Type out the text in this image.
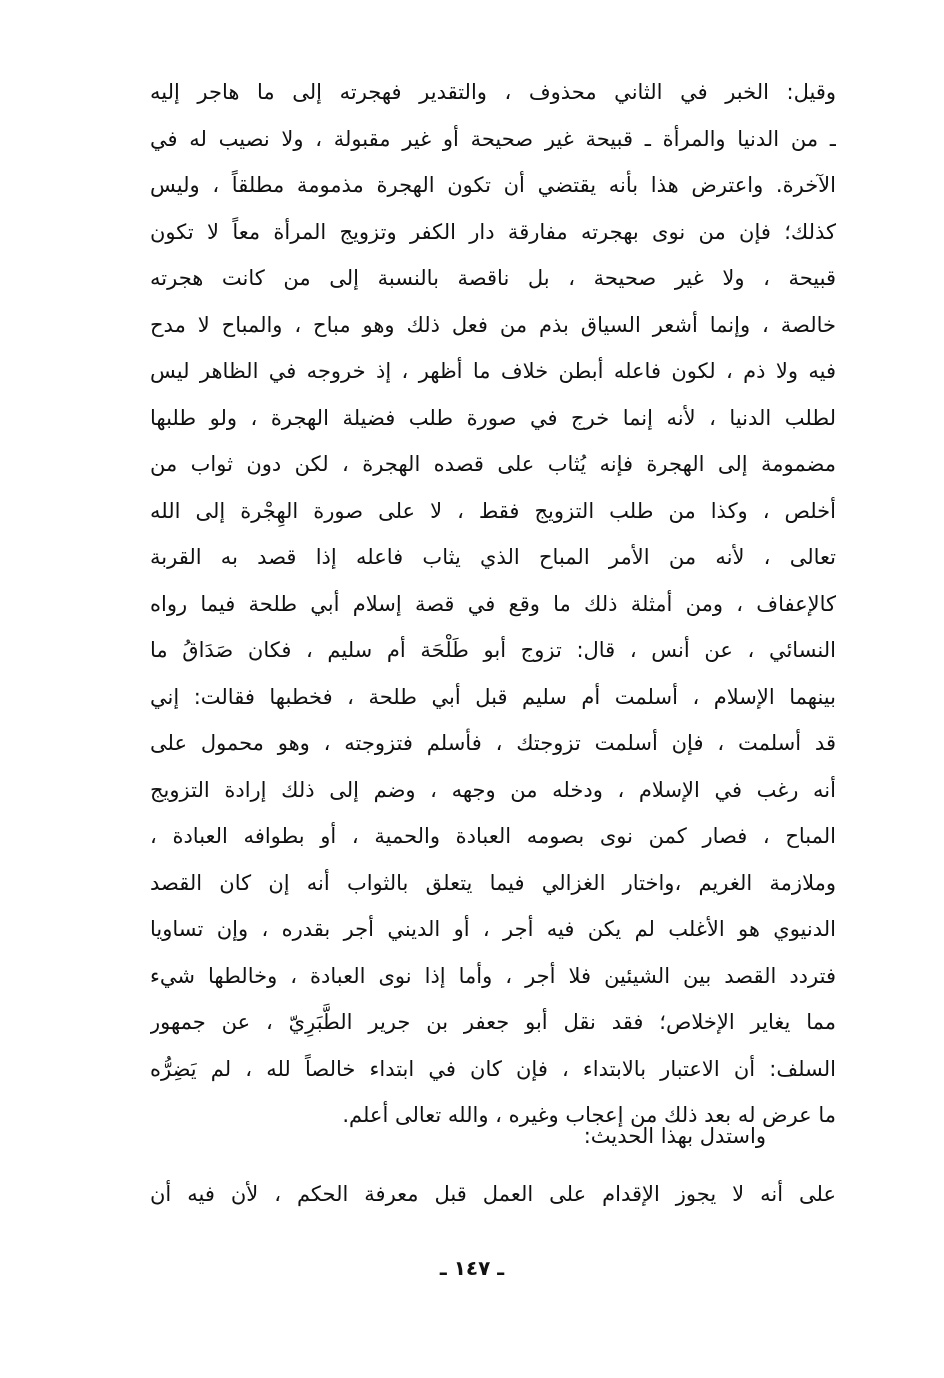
وقيل: الخبر في الثاني محذوف ، والتقدير فهجرته إلى ما هاجر إليه
ـ من الدنيا والمرأة ـ قبيحة غير صحيحة أو غير مقبولة ، ولا نصيب له في
الآخرة. واعترض هذا بأنه يقتضي أن تكون الهجرة مذمومة مطلقاً ، وليس
كذلك؛ فإن من نوى بهجرته مفارقة دار الكفر وتزويج المرأة معاً لا تكون
قبيحة ، ولا غير صحيحة ، بل ناقصة بالنسبة إلى من كانت هجرته
خالصة ، وإنما أشعر السياق بذم من فعل ذلك وهو مباح ، والمباح لا مدح
فيه ولا ذم ، لكون فاعله أبطن خلاف ما أظهر ، إذ خروجه في الظاهر ليس
لطلب الدنيا ، لأنه إنما خرج في صورة طلب فضيلة الهجرة ، ولو طلبها
مضمومة إلى الهجرة فإنه يُثاب على قصده الهجرة ، لكن دون ثواب من
أخلص ، وكذا من طلب التزويج فقط ، لا على صورة الهِجْرة إلى الله
تعالى ، لأنه من الأمر المباح الذي يثاب فاعله إذا قصد به القربة
كالإعفاف ، ومن أمثلة ذلك ما وقع في قصة إسلام أبي طلحة فيما رواه
النسائي ، عن أنس ، قال: تزوج أبو طَلْحَة أم سليم ، فكان صَدَاقُ ما
بينهما الإسلام ، أسلمت أم سليم قبل أبي طلحة ، فخطبها فقالت: إني
قد أسلمت ، فإن أسلمت تزوجتك ، فأسلم فتزوجته ، وهو محمول على
أنه رغب في الإسلام ، ودخله من وجهه ، وضم إلى ذلك إرادة التزويج
المباح ، فصار كمن نوى بصومه العبادة والحمية ، أو بطوافه العبادة ،
وملازمة الغريم ،واختار الغزالي فيما يتعلق بالثواب أنه إن كان القصد
الدنيوي هو الأغلب لم يكن فيه أجر ، أو الديني أجر بقدره ، وإن تساويا
فتردد القصد بين الشيئين فلا أجر ، وأما إذا نوى العبادة ، وخالطها شيء
مما يغاير الإخلاص؛ فقد نقل أبو جعفر بن جرير الطَّبَرِيّ ، عن جمهور
السلف: أن الاعتبار بالابتداء ، فإن كان في ابتداء خالصاً لله ، لم يَضِرُّه
ما عرض له بعد ذلك من إعجاب وغيره ، والله تعالى أعلم.
واستدل بهذا الحديث:
على أنه لا يجوز الإقدام على العمل قبل معرفة الحكم ، لأن فيه أن
ـ ١٤٧ ـ
